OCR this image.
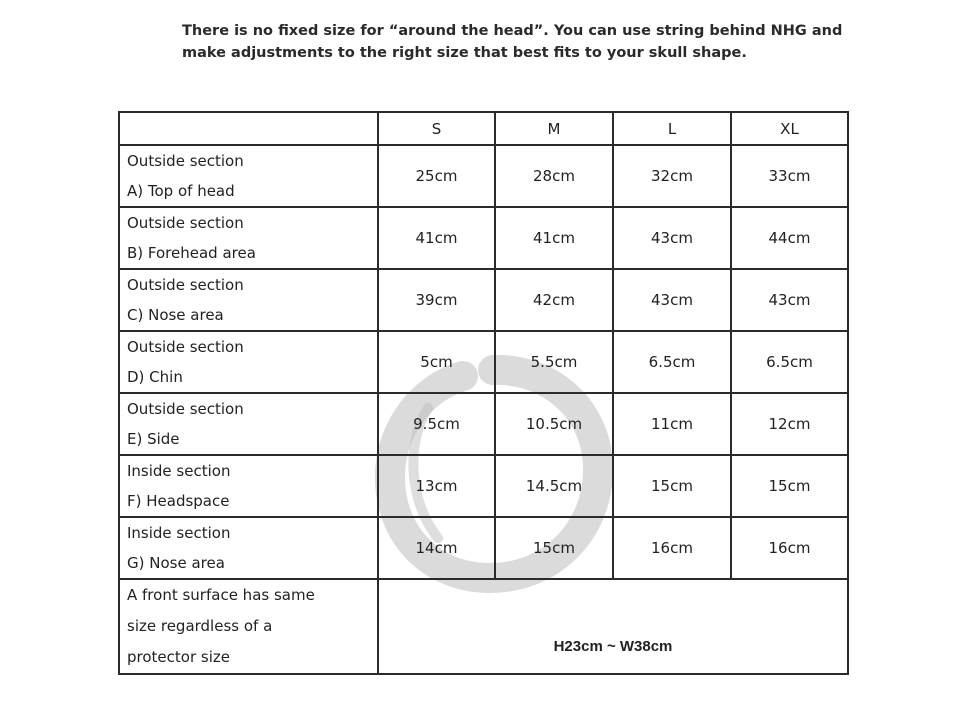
There is no fixed size for “around the head”. You can use string behind NHG and

make adjustments to the right size that best fits to your skull shape.

	S	M	L	XL

Outside section
A) Top of head	25cm	28cm	32cm	33cm

Outside section
B) Forehead area	41cm	41cm	43cm	44cm

Outside section
C) Nose area	39cm	42cm	43cm	43cm

Outside section
D) Chin	5cm	5.5cm	6.5cm	6.5cm

Outside section
E) Side	9.5cm	10.5cm	11cm	12cm

Inside section
F) Headspace	13cm	14.5cm	15cm	15cm

Inside section
G) Nose area	14cm	15cm	16cm	16cm

A front surface has same
size regardless of a
protector size	H23cm ~ W38cm			
